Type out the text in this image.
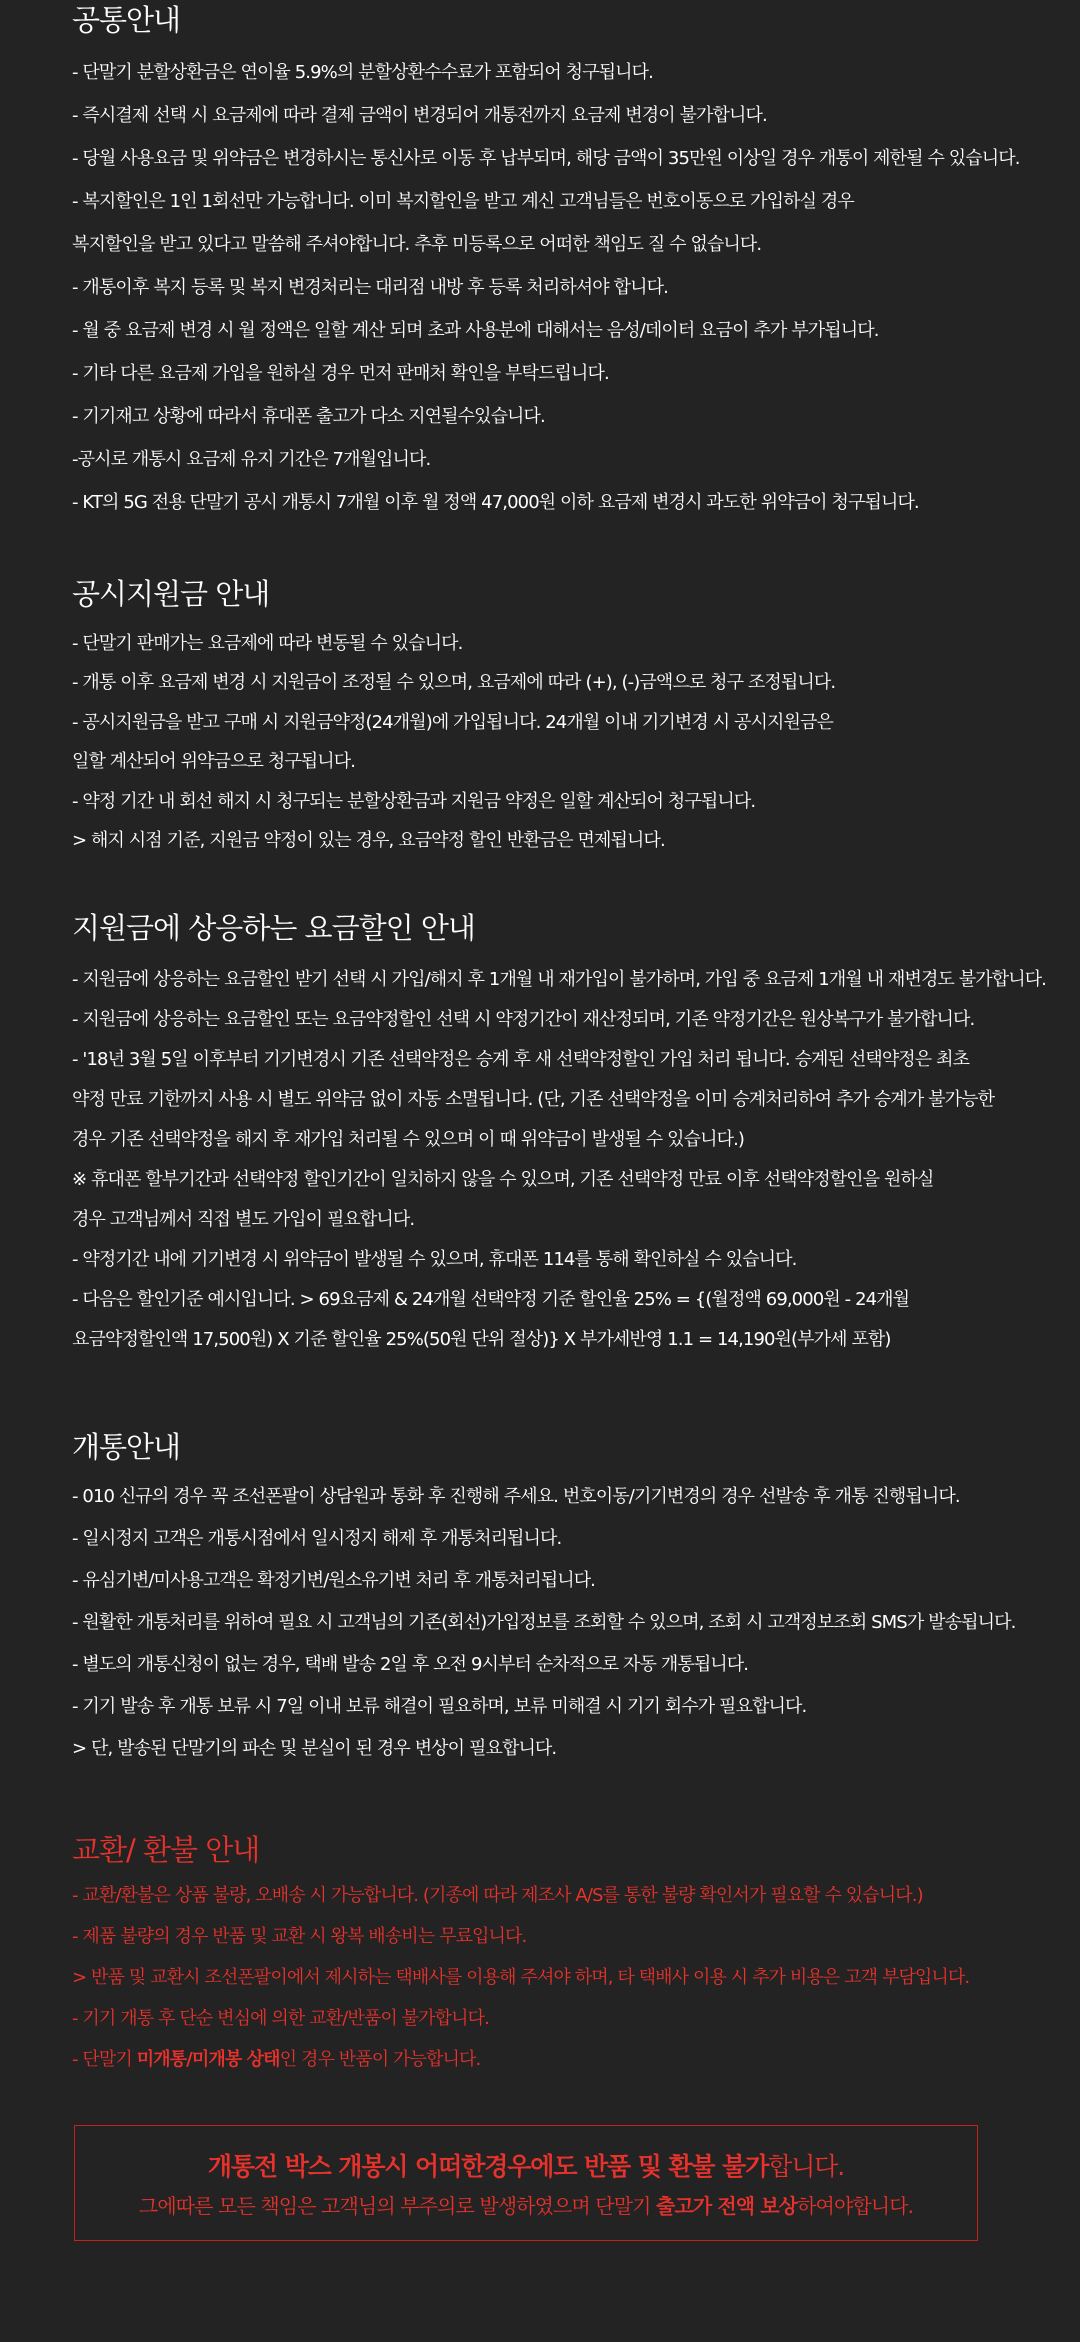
공통안내
- 단말기 분할상환금은 연이율 5.9%의 분할상환수수료가 포함되어 청구됩니다.
- 즉시결제 선택 시 요금제에 따라 결제 금액이 변경되어 개통전까지 요금제 변경이 불가합니다.
- 당월 사용요금 및 위약금은 변경하시는 통신사로 이동 후 납부되며, 해당 금액이 35만원 이상일 경우 개통이 제한될 수 있습니다.
- 복지할인은 1인 1회선만 가능합니다. 이미 복지할인을 받고 계신 고객님들은 번호이동으로 가입하실 경우
복지할인을 받고 있다고 말씀해 주셔야합니다. 추후 미등록으로 어떠한 책임도 질 수 없습니다.
- 개통이후 복지 등록 및 복지 변경처리는 대리점 내방 후 등록 처리하셔야 합니다.
- 월 중 요금제 변경 시 월 정액은 일할 계산 되며 초과 사용분에 대해서는 음성/데이터 요금이 추가 부가됩니다.
- 기타 다른 요금제 가입을 원하실 경우 먼저 판매처 확인을 부탁드립니다.
- 기기재고 상황에 따라서 휴대폰 출고가 다소 지연될수있습니다.
-공시로 개통시 요금제 유지 기간은 7개월입니다.
- KT의 5G 전용 단말기 공시 개통시 7개월 이후 월 정액 47,000원 이하 요금제 변경시 과도한 위약금이 청구됩니다.
공시지원금 안내
- 단말기 판매가는 요금제에 따라 변동될 수 있습니다.
- 개통 이후 요금제 변경 시 지원금이 조정될 수 있으며, 요금제에 따라 (+), (-)금액으로 청구 조정됩니다.
- 공시지원금을 받고 구매 시 지원금약정(24개월)에 가입됩니다. 24개월 이내 기기변경 시 공시지원금은
일할 계산되어 위약금으로 청구됩니다.
- 약정 기간 내 회선 해지 시 청구되는 분할상환금과 지원금 약정은 일할 계산되어 청구됩니다.
> 해지 시점 기준, 지원금 약정이 있는 경우, 요금약정 할인 반환금은 면제됩니다.
지원금에 상응하는 요금할인 안내
- 지원금에 상응하는 요금할인 받기 선택 시 가입/해지 후 1개월 내 재가입이 불가하며, 가입 중 요금제 1개월 내 재변경도 불가합니다.
- 지원금에 상응하는 요금할인 또는 요금약정할인 선택 시 약정기간이 재산정되며, 기존 약정기간은 원상복구가 불가합니다.
- '18년 3월 5일 이후부터 기기변경시 기존 선택약정은 승계 후 새 선택약정할인 가입 처리 됩니다. 승계된 선택약정은 최초
약정 만료 기한까지 사용 시 별도 위약금 없이 자동 소멸됩니다. (단, 기존 선택약정을 이미 승계처리하여 추가 승계가 불가능한
경우 기존 선택약정을 해지 후 재가입 처리될 수 있으며 이 때 위약금이 발생될 수 있습니다.)
※ 휴대폰 할부기간과 선택약정 할인기간이 일치하지 않을 수 있으며, 기존 선택약정 만료 이후 선택약정할인을 원하실
경우 고객님께서 직접 별도 가입이 필요합니다.
- 약정기간 내에 기기변경 시 위약금이 발생될 수 있으며, 휴대폰 114를 통해 확인하실 수 있습니다.
- 다음은 할인기준 예시입니다. > 69요금제 & 24개월 선택약정 기준 할인율 25% = {(월정액 69,000원 - 24개월
요금약정할인액 17,500원) X 기준 할인율 25%(50원 단위 절상)} X 부가세반영 1.1 = 14,190원(부가세 포함)
개통안내
- 010 신규의 경우 꼭 조선폰팔이 상담원과 통화 후 진행해 주세요. 번호이동/기기변경의 경우 선발송 후 개통 진행됩니다.
- 일시정지 고객은 개통시점에서 일시정지 해제 후 개통처리됩니다.
- 유심기변/미사용고객은 확정기변/원소유기변 처리 후 개통처리됩니다.
- 원활한 개통처리를 위하여 필요 시 고객님의 기존(회선)가입정보를 조회할 수 있으며, 조회 시 고객정보조회 SMS가 발송됩니다.
- 별도의 개통신청이 없는 경우, 택배 발송 2일 후 오전 9시부터 순차적으로 자동 개통됩니다.
- 기기 발송 후 개통 보류 시 7일 이내 보류 해결이 필요하며, 보류 미해결 시 기기 회수가 필요합니다.
> 단, 발송된 단말기의 파손 및 분실이 된 경우 변상이 필요합니다.
교환/ 환불 안내
- 교환/환불은 상품 불량, 오배송 시 가능합니다. (기종에 따라 제조사 A/S를 통한 불량 확인서가 필요할 수 있습니다.)
- 제품 불량의 경우 반품 및 교환 시 왕복 배송비는 무료입니다.
> 반품 및 교환시 조선폰팔이에서 제시하는 택배사를 이용해 주셔야 하며, 타 택배사 이용 시 추가 비용은 고객 부담입니다.
- 기기 개통 후 단순 변심에 의한 교환/반품이 불가합니다.
- 단말기 미개통/미개봉 상태인 경우 반품이 가능합니다.
개통전 박스 개봉시 어떠한경우에도 반품 및 환불 불가합니다.
그에따른 모든 책임은 고객님의 부주의로 발생하였으며 단말기 출고가 전액 보상하여야합니다.
